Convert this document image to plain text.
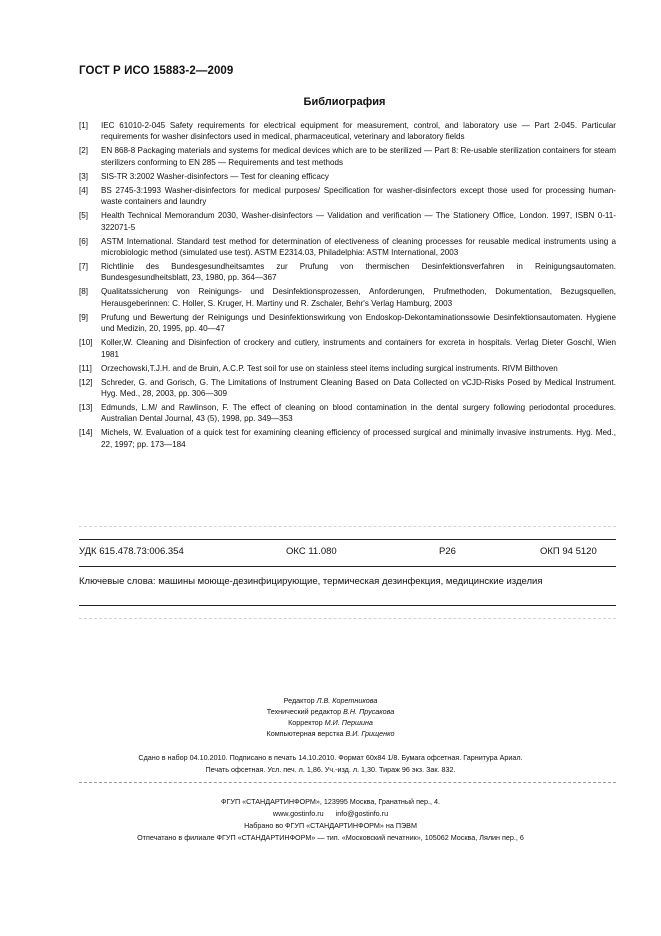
ГОСТ Р ИСО 15883-2—2009
Библиография
[1]	IEC 61010-2-045 Safety requirements for electrical equipment for measurement, control, and laboratory use — Part 2-045. Particular requirements for washer disinfectors used in medical, pharmaceutical, veterinary and laboratory fields
[2]	EN 868-8 Packaging materials and systems for medical devices which are to be sterilized — Part 8: Re-usable sterilization containers for steam sterilizers conforming to EN 285 — Requirements and test methods
[3]	SIS-TR 3:2002 Washer-disinfectors — Test for cleaning efficacy
[4]	BS 2745-3:1993 Washer-disinfectors for medical purposes/ Specification for washer-disinfectors except those used for processing human-waste containers and laundry
[5]	Health Technical Memorandum 2030, Washer-disinfectors — Validation and verification — The Stationery Office, London. 1997, ISBN 0-11-322071-5
[6]	ASTM International. Standard test method for determination of electiveness of cleaning processes for reusable medical instruments using a microbiologic method (simulated use test). ASTM E2314.03, Philadelphia: ASTM International, 2003
[7]	Richtlinie des Bundesgesundheitsamtes zur Prufung von thermischen Desinfektionsverfahren in Reinigungsautomaten. Bundesgesundheitsblatt, 23, 1980, pp. 364—367
[8]	Qualitatssicherung von Reinigungs- und Desinfektionsprozessen, Anforderungen, Prufmethoden, Dokumentation, Bezugsquellen, Herausgeberinnen: C. Holler, S. Kruger, H. Martiny und R. Zschaler, Behr's Verlag Hamburg, 2003
[9]	Prufung und Bewertung der Reinigungs und Desinfektionswirkung von Endoskop-Dekontaminationssowie Desinfektionsautomaten. Hygiene und Medizin, 20, 1995, pp. 40—47
[10]	Koller,W. Cleaning and Disinfection of crockery and cutlery, instruments and containers for excreta in hospitals. Verlag Dieter Goschl, Wien 1981
[11]	Orzechowski,T.J.H. and de Bruin, A.C.P. Test soil for use on stainless steel items including surgical instruments. RIVM Bilthoven
[12]	Schreder, G. and Gorisch, G. The Limitations of Instrument Cleaning Based on Data Collected on vCJD-Risks Posed by Medical Instrument. Hyg. Med., 28, 2003, pp. 306—309
[13]	Edmunds, L.M/ and Rawlinson, F. The effect of cleaning on blood contamination in the dental surgery following periodontal procedures. Australian Dental Journal, 43 (5), 1998, pp. 349—353
[14]	Michels, W. Evaluation of a quick test for examining cleaning efficiency of processed surgical and minimally invasive instruments. Hyg. Med., 22, 1997; pp. 173—184
УДК 615.478.73:006.354	ОКС 11.080	Р26	ОКП 94 5120
Ключевые слова: машины моюще-дезинфицирующие, термическая дезинфекция, медицинские изделия
Редактор Л.В. Коретникова
Технический редактор В.Н. Прусакова
Корректор М.И. Першина
Компьютерная верстка В.И. Грищенко
Сдано в набор 04.10.2010. Подписано в печать 14.10.2010. Формат 60x84 1/8. Бумага офсетная. Гарнитура Ариал.
Печать офсетная. Усл. печ. л. 1,86. Уч.-изд. л. 1,30. Тираж 96 экз. Зак. 832.
ФГУП «СТАНДАРТИНФОРМ», 123995 Москва, Гранатный пер., 4.
www.gostinfo.ru info@gostinfo.ru
Набрано во ФГУП «СТАНДАРТИНФОРМ» на ПЭВМ
Отпечатано в филиале ФГУП «СТАНДАРТИНФОРМ» — тип. «Московский печатник», 105062 Москва, Лялин пер., 6
